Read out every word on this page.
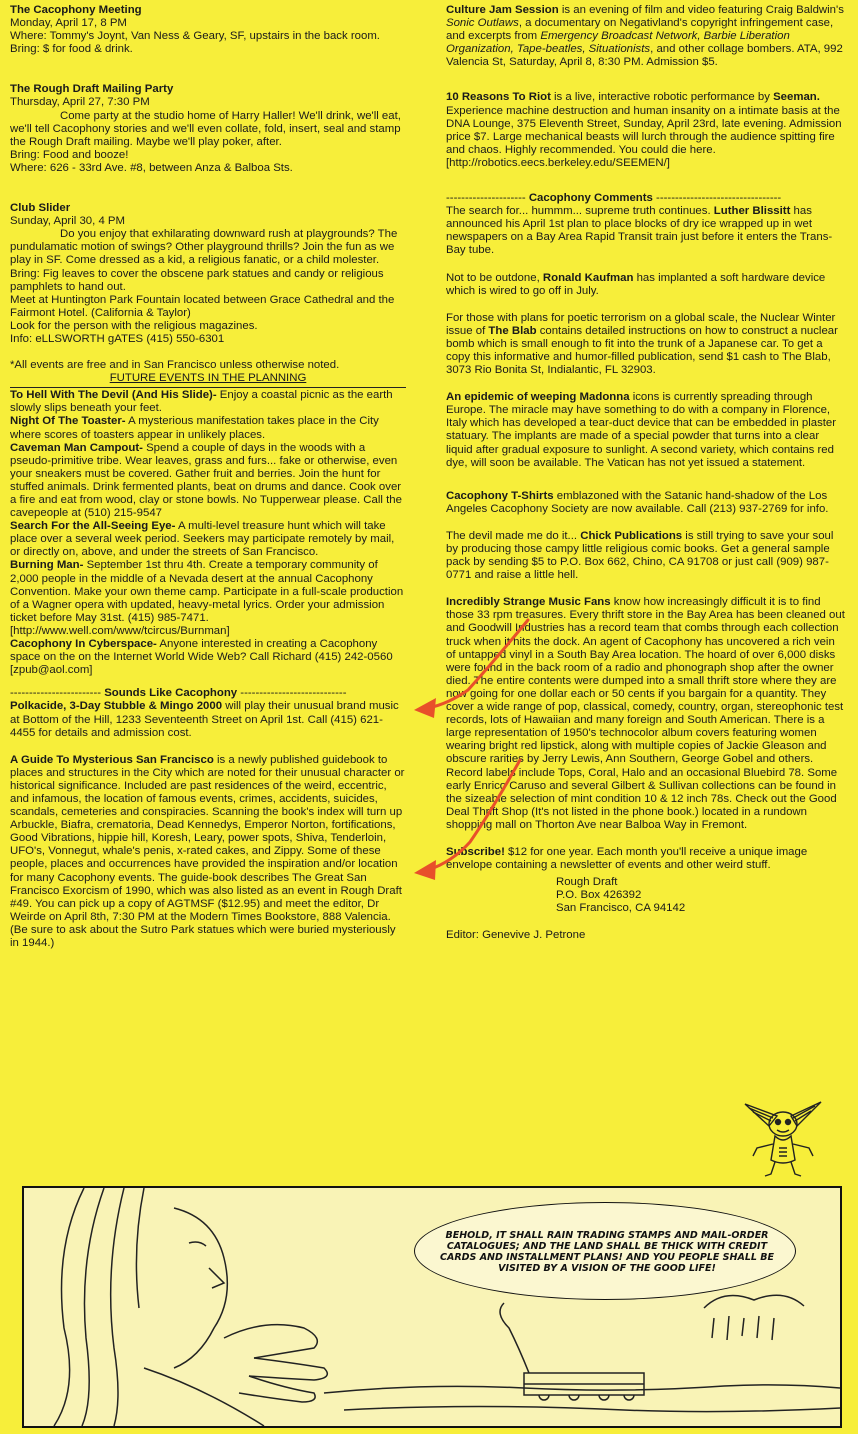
The Cacophony Meeting

Monday, April 17, 8 PM

Where: Tommy's Joynt, Van Ness & Geary, SF, upstairs in the back room.

Bring: $ for food & drink.

The Rough Draft Mailing Party

Thursday, April 27, 7:30 PM

Come party at the studio home of Harry Haller! We'll drink, we'll eat, we'll tell Cacophony stories and we'll even collate, fold, insert, seal and stamp the Rough Draft mailing. Maybe we'll play poker, after.

Bring: Food and booze!

Where: 626 - 33rd Ave. #8, between Anza & Balboa Sts.

Club Slider

Sunday, April 30, 4 PM

Do you enjoy that exhilarating downward rush at playgrounds? The pundulamatic motion of swings? Other playground thrills? Join the fun as we play in SF. Come dressed as a kid, a religious fanatic, or a child molester.

Bring: Fig leaves to cover the obscene park statues and candy or religious pamphlets to hand out.

Meet at Huntington Park Fountain located between Grace Cathedral and the Fairmont Hotel. (California & Taylor)

Look for the person with the religious magazines.

Info: eLLSWORTH gATES (415) 550-6301

*All events are free and in San Francisco unless otherwise noted.

FUTURE EVENTS IN THE PLANNING

To Hell With The Devil (And His Slide)- Enjoy a coastal picnic as the earth slowly slips beneath your feet.

Night Of The Toaster- A mysterious manifestation takes place in the City where scores of toasters appear in unlikely places.

Caveman Man Campout- Spend a couple of days in the woods with a pseudo-primitive tribe. Wear leaves, grass and furs... fake or otherwise, even your sneakers must be covered. Gather fruit and berries. Join the hunt for stuffed animals. Drink fermented plants, beat on drums and dance. Cook over a fire and eat from wood, clay or stone bowls. No Tupperwear please. Call the cavepeople at (510) 215-9547

Search For the All-Seeing Eye- A multi-level treasure hunt which will take place over a several week period. Seekers may participate remotely by mail, or directly on, above, and under the streets of San Francisco.

Burning Man- September 1st thru 4th. Create a temporary community of 2,000 people in the middle of a Nevada desert at the annual Cacophony Convention. Make your own theme camp. Participate in a full-scale production of a Wagner opera with updated, heavy-metal lyrics. Order your admission ticket before May 31st. (415) 985-7471. [http://www.well.com/www/tcircus/Burnman]

Cacophony In Cyberspace- Anyone interested in creating a Cacophony space on the on the Internet World Wide Web? Call Richard (415) 242-0560 [zpub@aol.com]

------------------------ Sounds Like Cacophony ----------------------------

Polkacide, 3-Day Stubble & Mingo 2000 will play their unusual brand music at Bottom of the Hill, 1233 Seventeenth Street on April 1st. Call (415) 621-4455 for details and admission cost.

A Guide To Mysterious San Francisco is a newly published guidebook to places and structures in the City which are noted for their unusual character or historical significance. Included are past residences of the weird, eccentric, and infamous, the location of famous events, crimes, accidents, suicides, scandals, cemeteries and conspiracies. Scanning the book's index will turn up Arbuckle, Biafra, crematoria, Dead Kennedys, Emperor Norton, fortifications, Good Vibrations, hippie hill, Koresh, Leary, power spots, Shiva, Tenderloin, UFO's, Vonnegut, whale's penis, x-rated cakes, and Zippy. Some of these people, places and occurrences have provided the inspiration and/or location for many Cacophony events. The guide-book describes The Great San Francisco Exorcism of 1990, which was also listed as an event in Rough Draft #49. You can pick up a copy of AGTMSF ($12.95) and meet the editor, Dr Weirde on April 8th, 7:30 PM at the Modern Times Bookstore, 888 Valencia. (Be sure to ask about the Sutro Park statues which were buried mysteriously in 1944.)

Culture Jam Session is an evening of film and video featuring Craig Baldwin's Sonic Outlaws, a documentary on Negativland's copyright infringement case, and excerpts from Emergency Broadcast Network, Barbie Liberation Organization, Tape-beatles, Situationists, and other collage bombers. ATA, 992 Valencia St, Saturday, April 8, 8:30 PM. Admission $5.

10 Reasons To Riot is a live, interactive robotic performance by Seeman. Experience machine destruction and human insanity on a intimate basis at the DNA Lounge, 375 Eleventh Street, Sunday, April 23rd, late evening. Admission price $7. Large mechanical beasts will lurch through the audience spitting fire and chaos. Highly recommended. You could die here. [http://robotics.eecs.berkeley.edu/SEEMEN/]

--------------------- Cacophony Comments ---------------------------------

The search for... hummm... supreme truth continues. Luther Blissitt has announced his April 1st plan to place blocks of dry ice wrapped up in wet newspapers on a Bay Area Rapid Transit train just before it enters the Trans-Bay tube.

Not to be outdone, Ronald Kaufman has implanted a soft hardware device which is wired to go off in July.

For those with plans for poetic terrorism on a global scale, the Nuclear Winter issue of The Blab contains detailed instructions on how to construct a nuclear bomb which is small enough to fit into the trunk of a Japanese car. To get a copy this informative and humor-filled publication, send $1 cash to The Blab, 3073 Rio Bonita St, Indialantic, FL 32903.

An epidemic of weeping Madonna icons is currently spreading through Europe. The miracle may have something to do with a company in Florence, Italy which has developed a tear-duct device that can be embedded in plaster statuary. The implants are made of a special powder that turns into a clear liquid after gradual exposure to sunlight. A second variety, which contains red dye, will soon be available. The Vatican has not yet issued a statement.

Cacophony T-Shirts emblazoned with the Satanic hand-shadow of the Los Angeles Cacophony Society are now available. Call (213) 937-2769 for info.

The devil made me do it... Chick Publications is still trying to save your soul by producing those campy little religious comic books. Get a general sample pack by sending $5 to P.O. Box 662, Chino, CA 91708 or just call (909) 987-0771 and raise a little hell.

Incredibly Strange Music Fans know how increasingly difficult it is to find those 33 rpm treasures. Every thrift store in the Bay Area has been cleaned out and Goodwill Industries has a record team that combs through each collection truck when it hits the dock. An agent of Cacophony has uncovered a rich vein of untapped vinyl in a South Bay Area location. The hoard of over 6,000 disks were found in the back room of a radio and phonograph shop after the owner died. The entire contents were dumped into a small thrift store where they are now going for one dollar each or 50 cents if you bargain for a quantity. They cover a wide range of pop, classical, comedy, country, organ, stereophonic test records, lots of Hawaiian and many foreign and South American. There is a large representation of 1950's technocolor album covers featuring women wearing bright red lipstick, along with multiple copies of Jackie Gleason and obscure rarities by Jerry Lewis, Ann Southern, George Gobel and others. Record labels include Tops, Coral, Halo and an occasional Bluebird 78. Some early Enrico Caruso and several Gilbert & Sullivan collections can be found in the sizeable selection of mint condition 10 & 12 inch 78s. Check out the Good Deal Thrift Shop (It's not listed in the phone book.) located in a rundown shopping mall on Thorton Ave near Balboa Way in Fremont.

Subscribe! $12 for one year. Each month you'll receive a unique image envelope containing a newsletter of events and other weird stuff.

Rough Draft

P.O. Box 426392

San Francisco, CA 94142

Editor: Genevive J. Petrone

BEHOLD, IT SHALL RAIN TRADING STAMPS AND MAIL-ORDER CATALOGUES; AND THE LAND SHALL BE THICK WITH CREDIT CARDS AND INSTALLMENT PLANS! AND YOU PEOPLE SHALL BE VISITED BY A VISION OF THE GOOD LIFE!
